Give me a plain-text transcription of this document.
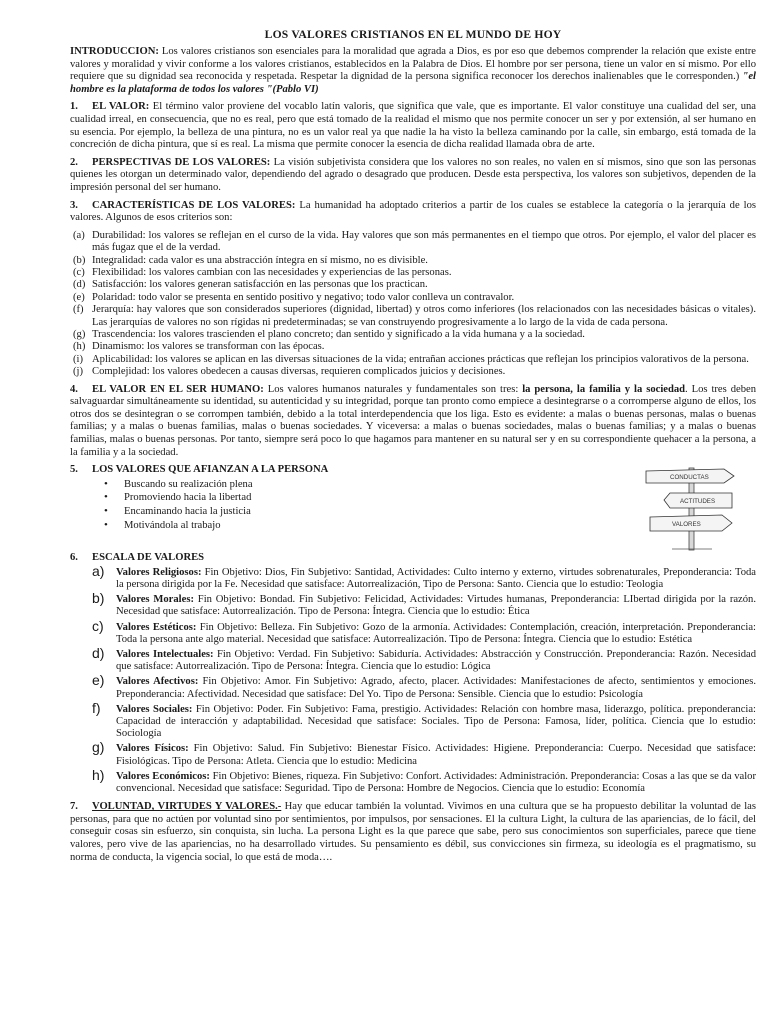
LOS VALORES CRISTIANOS EN EL MUNDO DE HOY

INTRODUCCION: Los valores cristianos son esenciales para la moralidad que agrada a Dios, es por eso que debemos comprender la relación que existe entre valores y moralidad y vivir conforme a los valores cristianos, establecidos en la Palabra de Dios. El hombre por ser persona, tiene un valor en sí mismo. Por ello requiere que su dignidad sea reconocida y respetada. Respetar la dignidad de la persona significa reconocer los derechos inalienables que le corresponden.) "el hombre es la plataforma de todos los valores "(Pablo VI)

1. EL VALOR: El término valor proviene del vocablo latín valoris, que significa que vale, que es importante. El valor constituye una cualidad del ser, una cualidad irreal, en consecuencia, que no es real, pero que está tomado de la realidad el mismo que nos permite conocer un ser y por extensión, al ser humano en su esencia. Por ejemplo, la belleza de una pintura, no es un valor real ya que nadie la ha visto la belleza caminando por la calle, sin embargo, está tomada de la concreción de dicha pintura, que sí es real. La misma que permite conocer la esencia de dicha realidad llamada obra de arte.

2. PERSPECTIVAS DE LOS VALORES: La visión subjetivista considera que los valores no son reales, no valen en sí mismos, sino que son las personas quienes les otorgan un determinado valor, dependiendo del agrado o desagrado que producen. Desde esta perspectiva, los valores son subjetivos, dependen de la impresión personal del ser humano.

3. CARACTERÍSTICAS DE LOS VALORES: La humanidad ha adoptado criterios a partir de los cuales se establece la categoría o la jerarquía de los valores. Algunos de esos criterios son:

(a) Durabilidad: los valores se reflejan en el curso de la vida. Hay valores que son más permanentes en el tiempo que otros. Por ejemplo, el valor del placer es más fugaz que el de la verdad.
(b) Integralidad: cada valor es una abstracción íntegra en sí mismo, no es divisible.
(c) Flexibilidad: los valores cambian con las necesidades y experiencias de las personas.
(d) Satisfacción: los valores generan satisfacción en las personas que los practican.
(e) Polaridad: todo valor se presenta en sentido positivo y negativo; todo valor conlleva un contravalor.
(f) Jerarquía: hay valores que son considerados superiores (dignidad, libertad) y otros como inferiores (los relacionados con las necesidades básicas o vitales). Las jerarquías de valores no son rígidas ni predeterminadas; se van construyendo progresivamente a lo largo de la vida de cada persona.
(g) Trascendencia: los valores trascienden el plano concreto; dan sentido y significado a la vida humana y a la sociedad.
(h) Dinamismo: los valores se transforman con las épocas.
(i) Aplicabilidad: los valores se aplican en las diversas situaciones de la vida; entrañan acciones prácticas que reflejan los principios valorativos de la persona.
(j) Complejidad: los valores obedecen a causas diversas, requieren complicados juicios y decisiones.

4. EL VALOR EN EL SER HUMANO: Los valores humanos naturales y fundamentales son tres: la persona, la familia y la sociedad. Los tres deben salvaguardar simultáneamente su identidad, su autenticidad y su integridad, porque tan pronto como empiece a desintegrarse o a corromperse alguno de ellos, los otros dos se desintegran o se corrompen también, debido a la total interdependencia que los liga. Esto es evidente: a malas o buenas personas, malas o buenas familias; y a malas o buenas familias, malas o buenas sociedades. Y viceversa: a malas o buenas sociedades, malas o buenas familias; y a malas o buenas familias, malas o buenas personas. Por tanto, siempre será poco lo que hagamos para mantener en su natural ser y en su correspondiente quehacer a la persona, a la familia y a la sociedad.

5. LOS VALORES QUE AFIANZAN A LA PERSONA
• Buscando su realización plena
• Promoviendo hacia la libertad
• Encaminando hacia la justicia
• Motivándola al trabajo
CONDUCTAS
ACTITUDES
VALORES
6. ESCALA DE VALORES
a) Valores Religiosos: Fin Objetivo: Dios, Fin Subjetivo: Santidad, Actividades: Culto interno y externo, virtudes sobrenaturales, Preponderancia: Toda la persona dirigida por la Fe. Necesidad que satisface: Autorrealización, Tipo de Persona: Santo. Ciencia que lo estudio: Teologia
b) Valores Morales: Fin Objetivo: Bondad. Fin Subjetivo: Felicidad, Actividades: Virtudes humanas, Preponderancia: LIbertad dirigida por la razón. Necesidad que satisface: Autorrealización. Tipo de Persona: Íntegra. Ciencia que lo estudio: Ética
c) Valores Estéticos: Fin Objetivo: Belleza. Fin Subjetivo: Gozo de la armonía. Actividades: Contemplación, creación, interpretación. Preponderancia: Toda la persona ante algo material. Necesidad que satisface: Autorrealización. Tipo de Persona: Íntegra. Ciencia que lo estudio: Estética
d) Valores Intelectuales: Fin Objetivo: Verdad. Fin Subjetivo: Sabiduría. Actividades: Abstracción y Construcción. Preponderancia: Razón. Necesidad que satisface: Autorrealización. Tipo de Persona: Íntegra. Ciencia que lo estudio: Lógica
e) Valores Afectivos: Fin Objetivo: Amor. Fin Subjetivo: Agrado, afecto, placer. Actividades: Manifestaciones de afecto, sentimientos y emociones. Preponderancia: Afectividad. Necesidad que satisface: Del Yo. Tipo de Persona: Sensible. Ciencia que lo estudio: Psicología
f) Valores Sociales: Fin Objetivo: Poder. Fin Subjetivo: Fama, prestigio. Actividades: Relación con hombre masa, liderazgo, política. preponderancia: Capacidad de interacción y adaptabilidad. Necesidad que satisface: Sociales. Tipo de Persona: Famosa, líder, política. Ciencia que lo estudio: Sociología
g) Valores Físicos: Fin Objetivo: Salud. Fin Subjetivo: Bienestar Físico. Actividades: Higiene. Preponderancia: Cuerpo. Necesidad que satisface: Fisiológicas. Tipo de Persona: Atleta. Ciencia que lo estudio: Medicina
h) Valores Económicos: Fin Objetivo: Bienes, riqueza. Fin Subjetivo: Confort. Actividades: Administración. Preponderancia: Cosas a las que se da valor convencional. Necesidad que satisface: Seguridad. Tipo de Persona: Hombre de Negocios. Ciencia que lo estudio: Economía

7. VOLUNTAD, VIRTUDES Y VALORES.- Hay que educar también la voluntad. Vivimos en una cultura que se ha propuesto debilitar la voluntad de las personas, para que no actúen por voluntad sino por sentimientos, por impulsos, por sensaciones. El la cultura Light, la cultura de las apariencias, de lo fácil, del conseguir cosas sin esfuerzo, sin conquista, sin lucha. La persona Light es la que parece que sabe, pero sus conocimientos son superficiales, parece que tiene valores, pero vive de las apariencias, no ha desarrollado virtudes. Su pensamiento es débil, sus convicciones sin firmeza, su ideología es el pragmatismo, su norma de conducta, la vigencia social, lo que está de moda….
